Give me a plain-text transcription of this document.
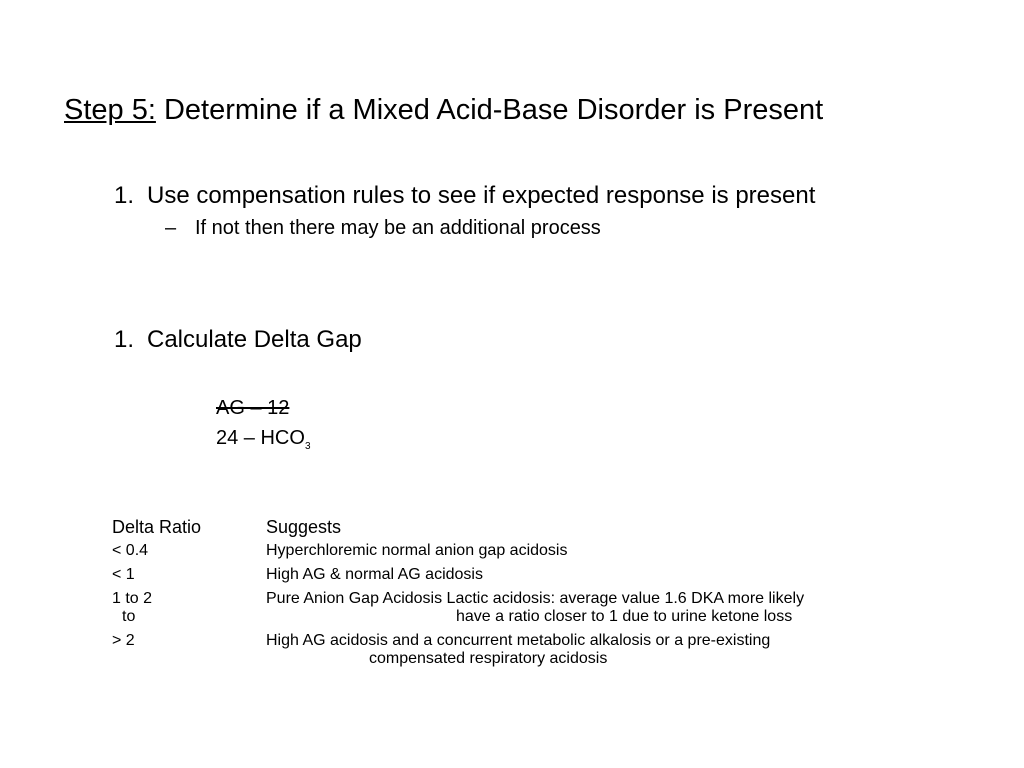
Step 5: Determine if a Mixed Acid-Base Disorder is Present
1. Use compensation rules to see if expected response is present
– If not then there may be an additional process
1. Calculate Delta Gap
AG – 12
$24 - HCO_3$
Delta Ratio	Suggests
< 0.4	Hyperchloremic normal anion gap acidosis
< 1	High AG & normal AG acidosis
1 to 2	Pure Anion Gap Acidosis Lactic acidosis: average value 1.6 DKA more likely
to	have a ratio closer to 1 due to urine ketone loss
> 2	High AG acidosis and a concurrent metabolic alkalosis or a pre-existing
compensated respiratory acidosis
